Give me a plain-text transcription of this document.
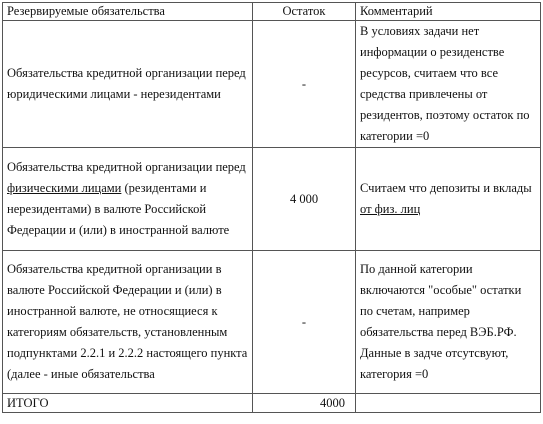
Резервируемые обязательства	Остаток	Комментарий
Обязательства кредитной организации перед юридическими лицами - нерезидентами	-	В условиях задачи нет информации о резиденстве ресурсов, считаем что все средства привлечены от резидентов, поэтому остаток по категории =0
Обязательства кредитной организации перед физическими лицами (резидентами и нерезидентами) в валюте Российской Федерации и (или) в иностранной валюте	4 000	Считаем что депозиты и вклады от физ. лиц
Обязательства кредитной организации в валюте Российской Федерации и (или) в иностранной валюте, не относящиеся к категориям обязательств, установленным подпунктами 2.2.1 и 2.2.2 настоящего пункта (далее - иные обязательства	-	По данной категории включаются "особые" остатки по счетам, например обязательства перед ВЭБ.РФ. Данные в задче отсутсвуют, категория =0
ИТОГО	4000	
